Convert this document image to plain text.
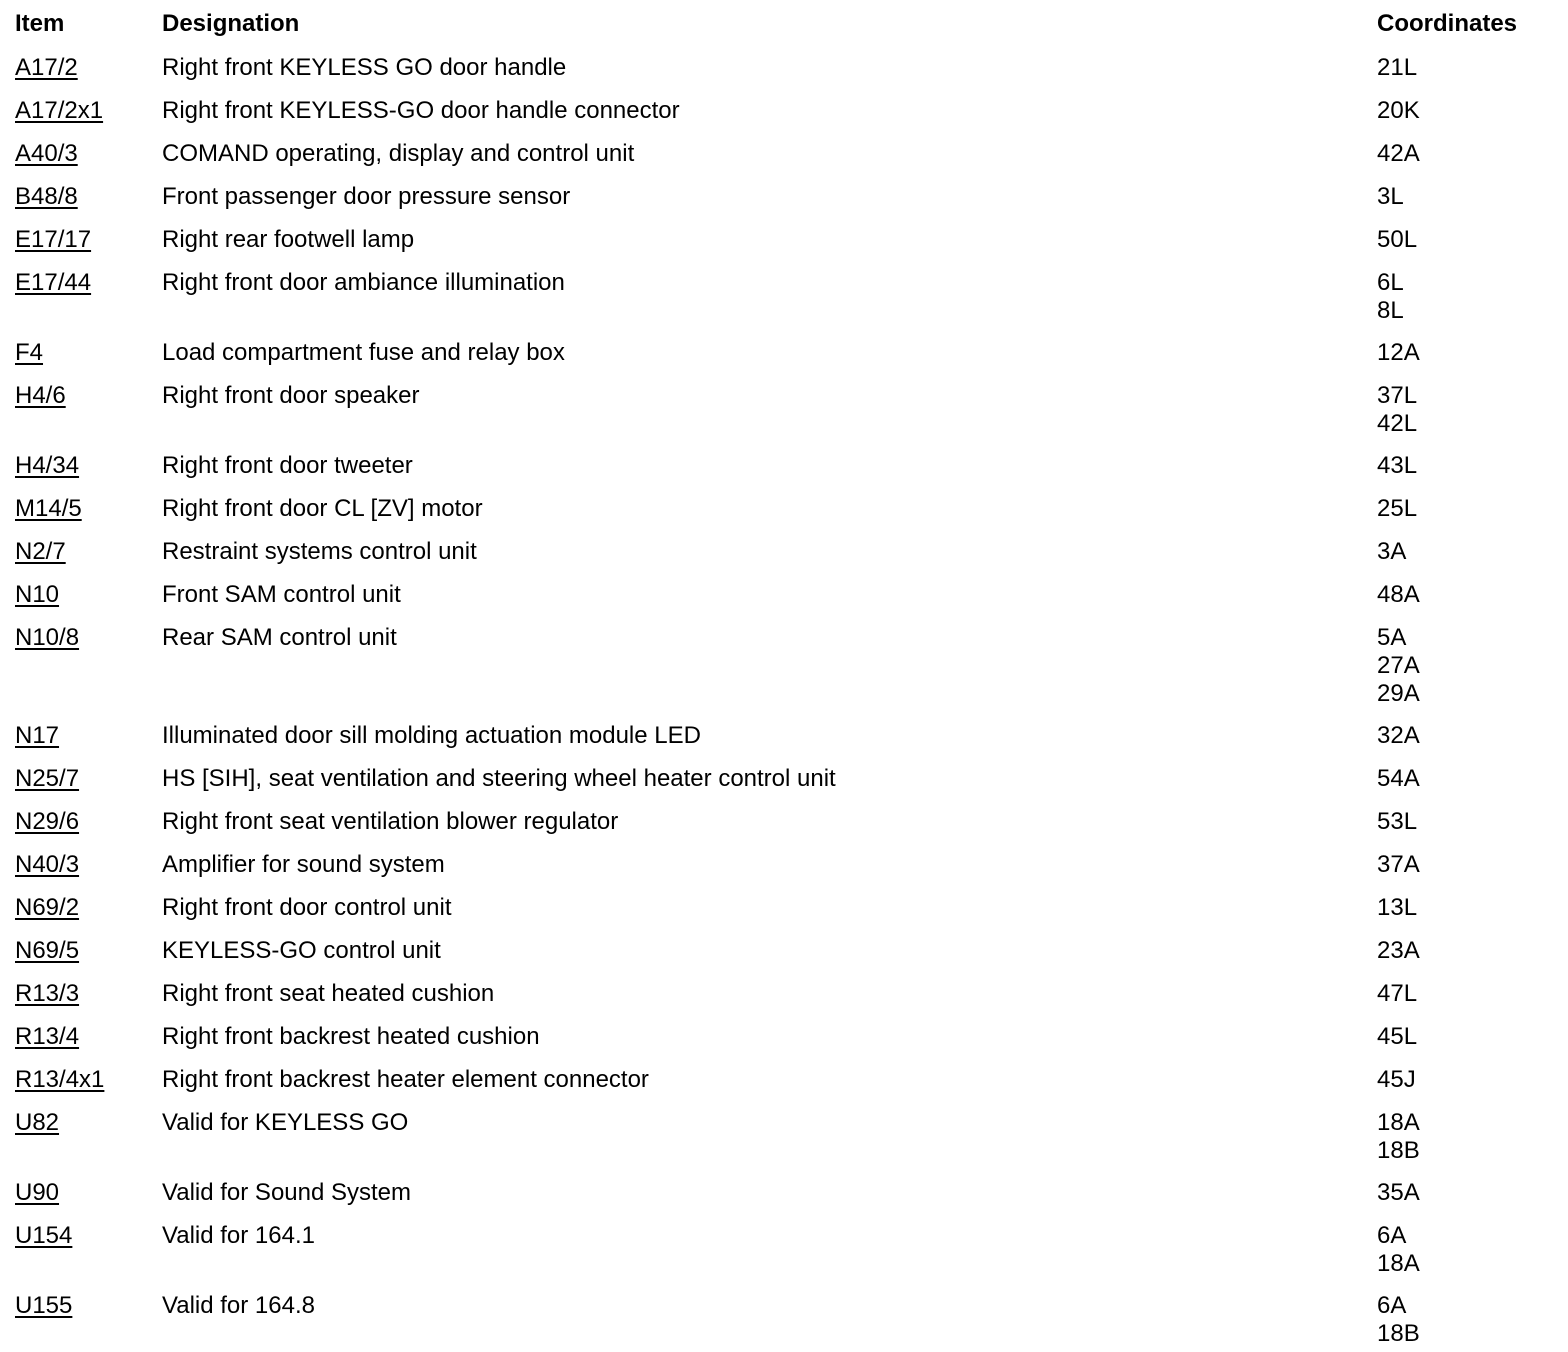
Item	Designation	Coordinates
A17/2	Right front KEYLESS GO door handle	21L
A17/2x1 Right front KEYLESS-GO door handle connector	20K
A40/3	COMAND operating, display and control unit	42A
B48/8	Front passenger door pressure sensor	3L
E17/17	Right rear footwell lamp	50L
E17/44	Right front door ambiance illumination	6L
8L
F4	Load compartment fuse and relay box	12A
H4/6	Right front door speaker	37L
42L
H4/34	Right front door tweeter	43L
M14/5	Right front door CL [ZV] motor	25L
N2/7	Restraint systems control unit	3A
N10	Front SAM control unit	48A
N10/8	Rear SAM control unit	5A
27A
29A
N17	Illuminated door sill molding actuation module LED	32A
N25/7	HS [SIH], seat ventilation and steering wheel heater control unit	54A
N29/6	Right front seat ventilation blower regulator	53L
N40/3	Amplifier for sound system	37A
N69/2	Right front door control unit	13L
N69/5	KEYLESS-GO control unit	23A
R13/3	Right front seat heated cushion	47L
R13/4	Right front backrest heated cushion	45L
R13/4x1 Right front backrest heater element connector	45J
U82	Valid for KEYLESS GO	18A
18B
U90	Valid for Sound System	35A
U154	Valid for 164.1	6A
18A
U155	Valid for 164.8	6A
18B
